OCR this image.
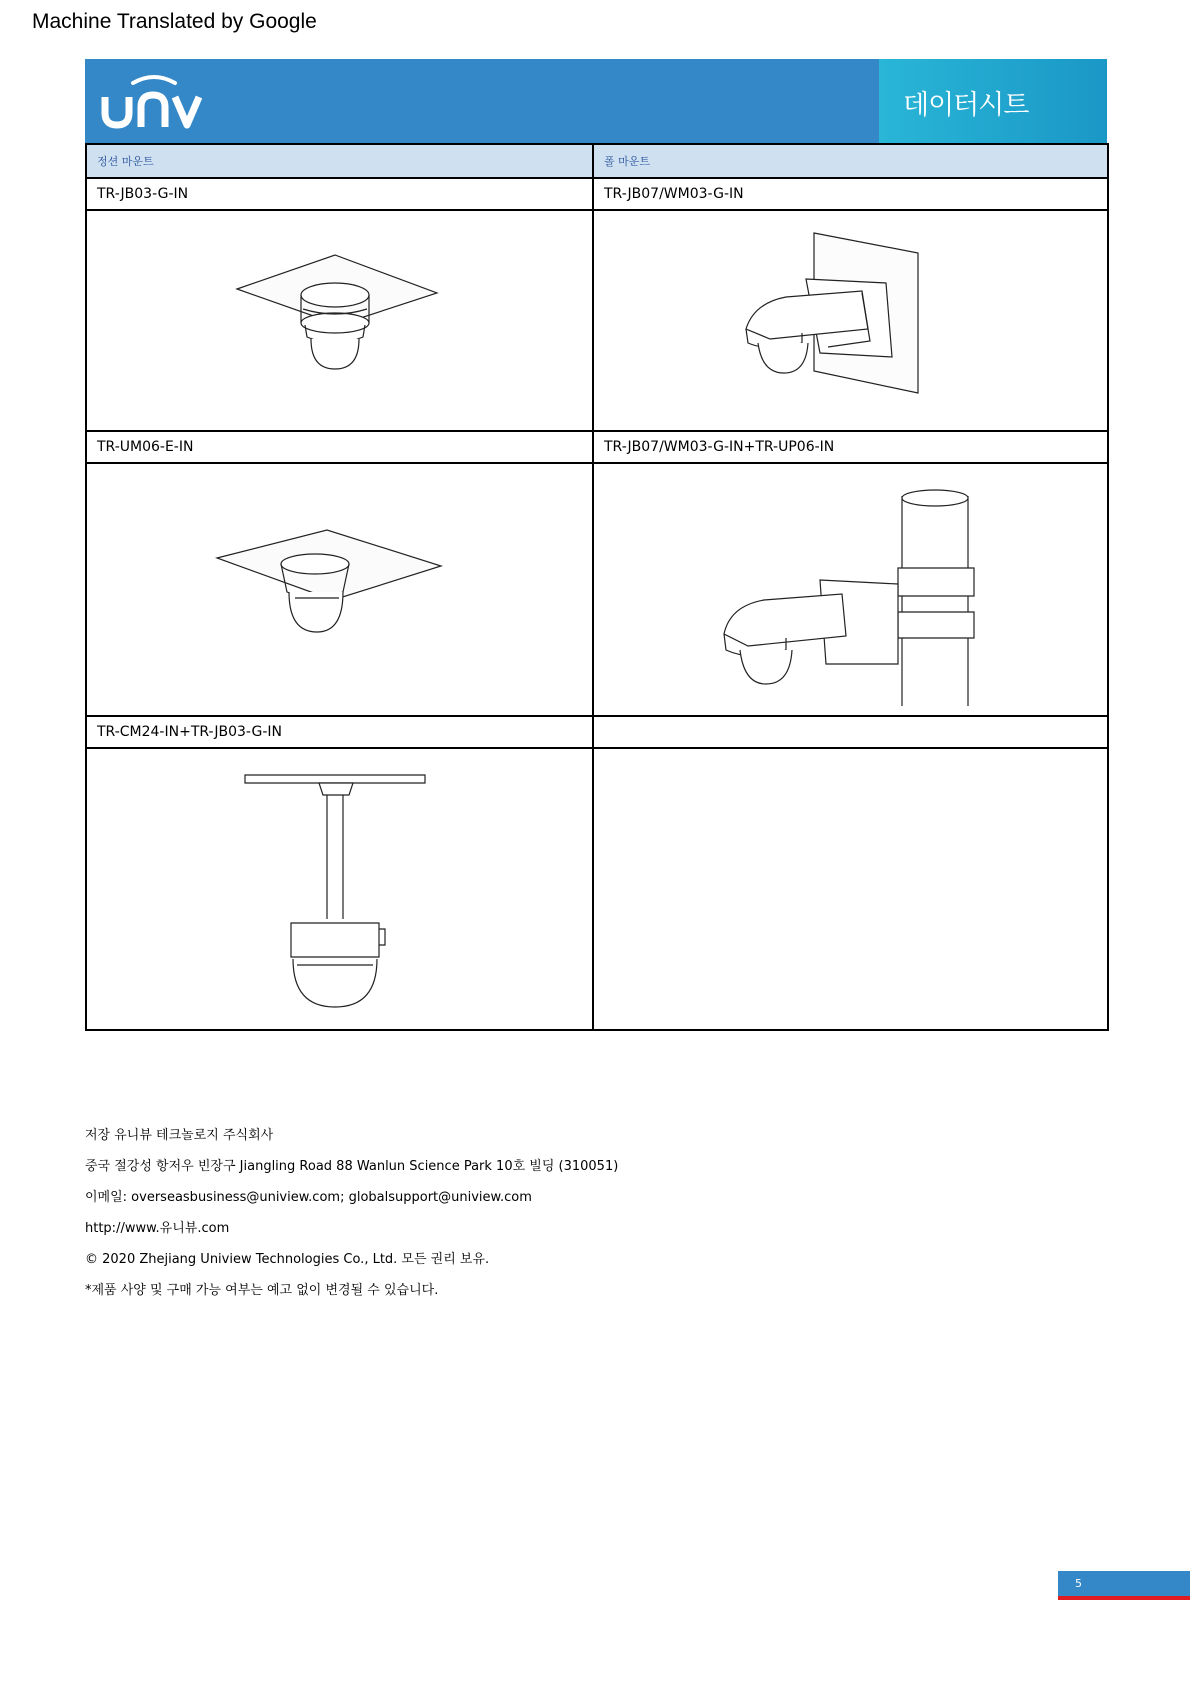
Machine Translated by Google
데이터시트
정션 마운트	폴 마운트
TR-JB03-G-IN	TR-JB07/WM03-G-IN

TR-UM06-E-IN	TR-JB07/WM03-G-IN+TR-UP06-IN

TR-CM24-IN+TR-JB03-G-IN	

저장 유니뷰 테크놀로지 주식회사

중국 절강성 항저우 빈장구 Jiangling Road 88 Wanlun Science Park 10호 빌딩 (310051)

이메일: overseasbusiness@uniview.com; globalsupport@uniview.com

http://www.유니뷰.com

© 2020 Zhejiang Uniview Technologies Co., Ltd. 모든 권리 보유.

*제품 사양 및 구매 가능 여부는 예고 없이 변경될 수 있습니다.

5
